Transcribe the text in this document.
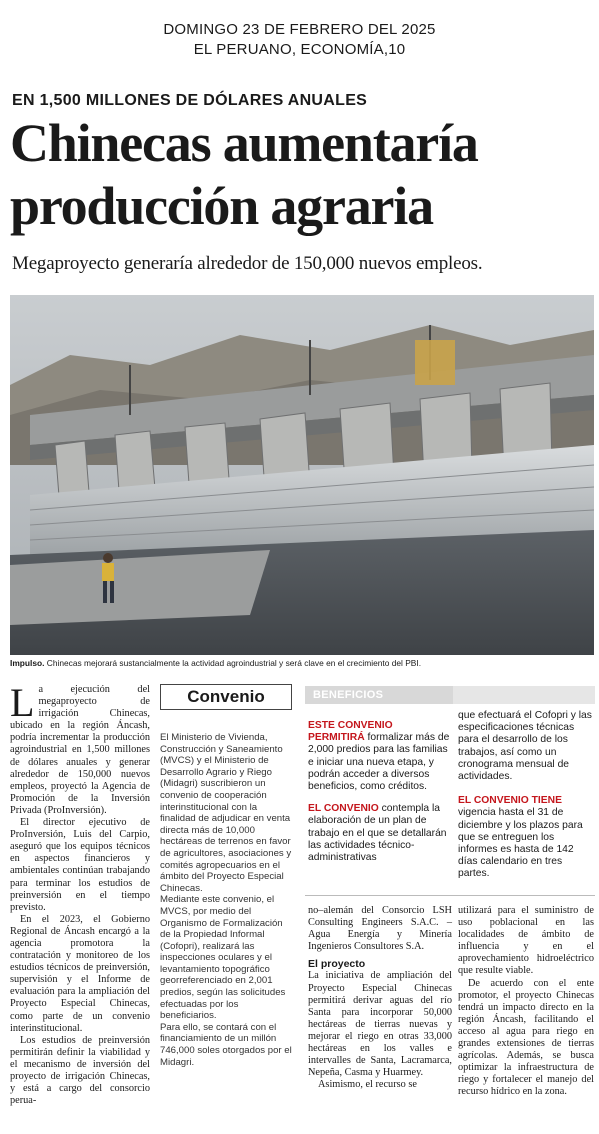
DOMINGO 23 DE FEBRERO DEL 2025
EL PERUANO, ECONOMÍA,10
EN 1,500 MILLONES DE DÓLARES ANUALES
Chinecas aumentaría
producción agraria
Megaproyecto generaría alrededor de 150,000 nuevos empleos.
Impulso. Chinecas mejorará sustancialmente la actividad agroindustrial y será clave en el crecimiento del PBI.
L a ejecución del megaproyecto de irrigación Chinecas, ubicado en la región Áncash, podría incrementar la producción agroindustrial en 1,500 millones de dólares anuales y generar alrededor de 150,000 nuevos empleos, proyectó la Agencia de Promoción de la Inversión Privada (ProInversión).

El director ejecutivo de ProInversión, Luis del Carpio, aseguró que los equipos técnicos en aspectos financieros y ambientales continúan trabajando para terminar los estudios de preinversión en el tiempo previsto.

En el 2023, el Gobierno Regional de Áncash encargó a la agencia promotora la contratación y monitoreo de los estudios técnicos de preinversión, supervisión y el Informe de evaluación para la ampliación del Proyecto Especial Chinecas, como parte de un convenio interinstitucional.

Los estudios de preinversión permitirán definir la viabilidad y el mecanismo de inversión del proyecto de irrigación Chinecas, y está a cargo del consorcio perua-

Convenio

El Ministerio de Vivienda, Construcción y Saneamiento (MVCS) y el Ministerio de Desarrollo Agrario y Riego (Midagri) suscribieron un convenio de cooperación interinstitucional con la finalidad de adjudicar en venta directa más de 10,000 hectáreas de terrenos en favor de agricultores, asociaciones y comités agropecuarios en el ámbito del Proyecto Especial Chinecas.

Mediante este convenio, el MVCS, por medio del Organismo de Formalización de la Propiedad Informal (Cofopri), realizará las inspecciones oculares y el levantamiento topográfico georreferenciado en 2,001 predios, según las solicitudes efectuadas por los beneficiarios.

Para ello, se contará con el financiamiento de un millón 746,000 soles otorgados por el Midagri.

BENEFICIOS
ESTE CONVENIO PERMITIRÁ formalizar más de 2,000 predios para las familias e iniciar una nueva etapa, y podrán acceder a diversos beneficios, como créditos.
EL CONVENIO contempla la elaboración de un plan de trabajo en el que se detallarán las actividades técnico-administrativas
que efectuará el Cofopri y las especificaciones técnicas para el desarrollo de los trabajos, así como un cronograma mensual de actividades.
EL CONVENIO TIENE vigencia hasta el 31 de diciembre y los plazos para que se entreguen los informes es hasta de 142 días calendario en tres partes.

no–alemán del Consorcio LSH Consulting Engineers S.A.C. – Agua Energía y Minería Ingenieros Consultores S.A.

El proyecto

La iniciativa de ampliación del Proyecto Especial Chinecas permitirá derivar aguas del río Santa para incorporar 50,000 hectáreas de tierras nuevas y mejorar el riego en otras 33,000 hectáreas en los valles e intervalles de Santa, Lacramarca, Nepeña, Casma y Huarmey.

Asimismo, el recurso se

utilizará para el suministro de uso poblacional en las localidades de ámbito de influencia y en el aprovechamiento hidroeléctrico que resulte viable.

De acuerdo con el ente promotor, el proyecto Chinecas tendrá un impacto directo en la región Áncash, facilitando el acceso al agua para riego en grandes extensiones de tierras agrícolas. Además, se busca optimizar la infraestructura de riego y fortalecer el manejo del recurso hídrico en la zona.
